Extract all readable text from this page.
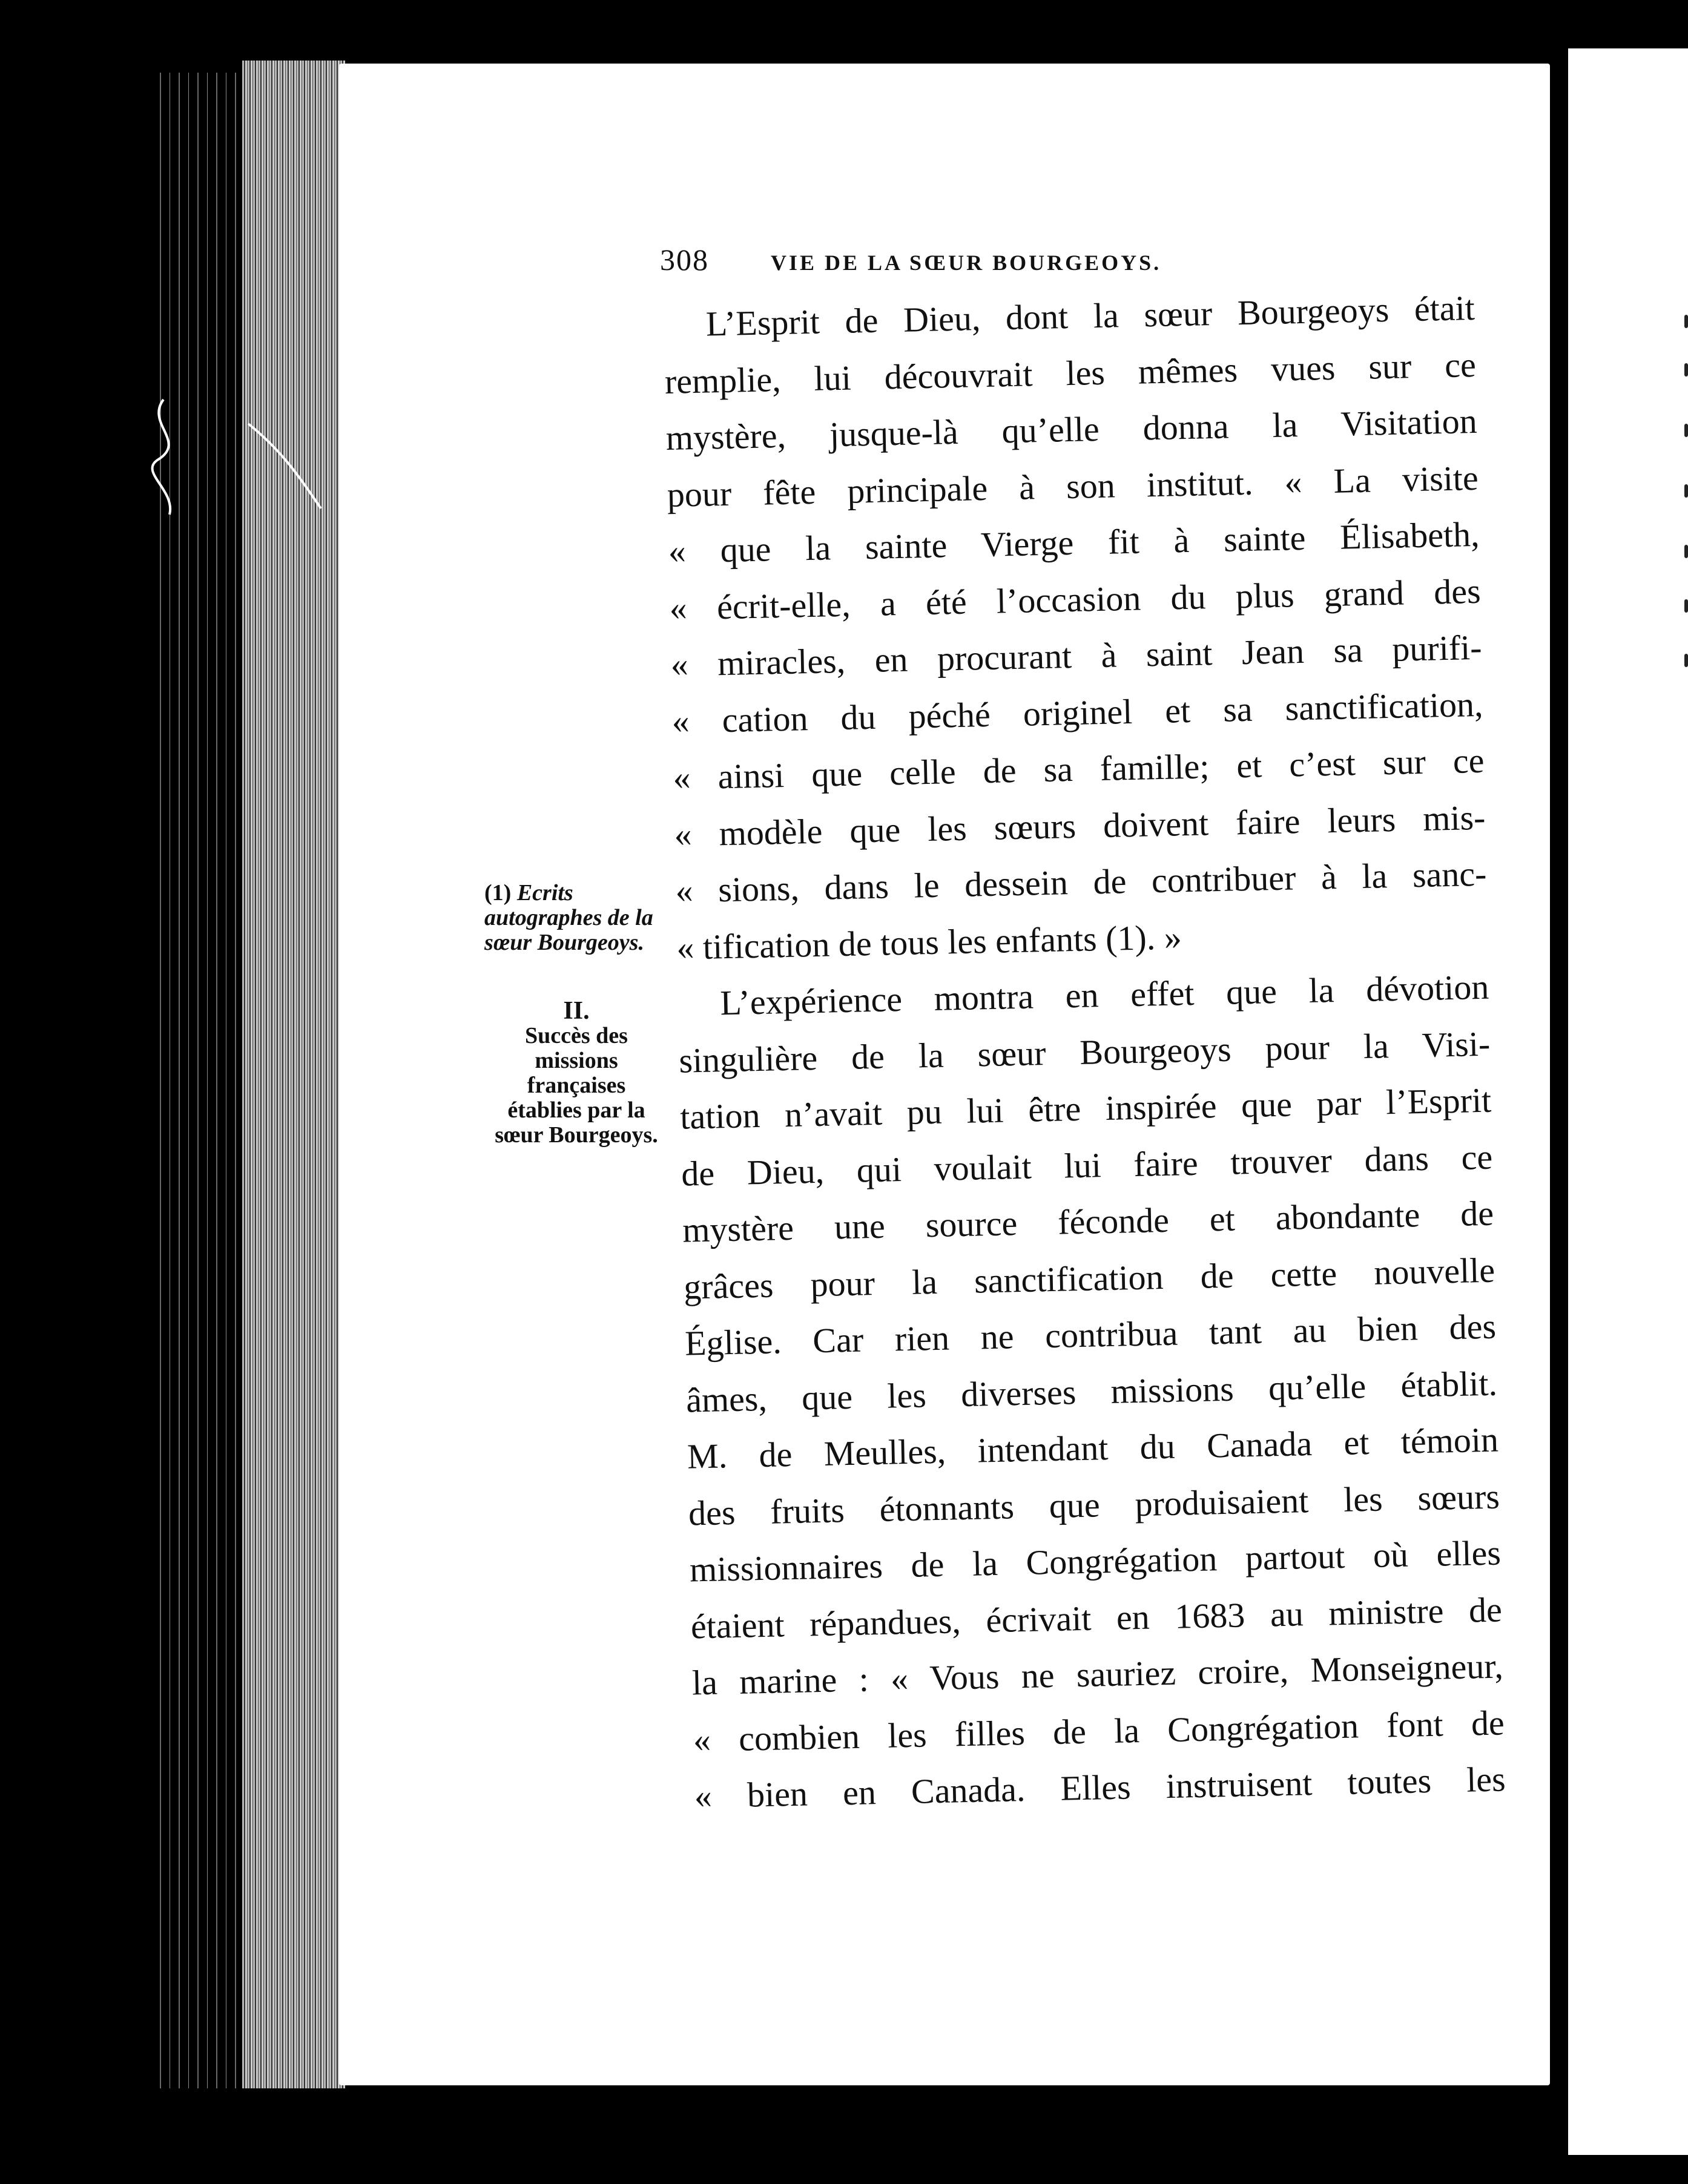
308	VIE DE LA SŒUR BOURGEOYS.

L’Esprit de Dieu, dont la sœur Bourgeoys était
remplie, lui découvrait les mêmes vues sur ce
mystère, jusque-là qu’elle donna la Visitation
pour fête principale à son institut. « La visite
« que la sainte Vierge fit à sainte Élisabeth,
« écrit-elle, a été l’occasion du plus grand des
« miracles, en procurant à saint Jean sa purifi-
« cation du péché originel et sa sanctification,
« ainsi que celle de sa famille; et c’est sur ce
« modèle que les sœurs doivent faire leurs mis-
« sions, dans le dessein de contribuer à la sanc-
« tification de tous les enfants (1). »

L’expérience montra en effet que la dévotion
singulière de la sœur Bourgeoys pour la Visi-
tation n’avait pu lui être inspirée que par l’Esprit
de Dieu, qui voulait lui faire trouver dans ce
mystère une source féconde et abondante de
grâces pour la sanctification de cette nouvelle
Église. Car rien ne contribua tant au bien des
âmes, que les diverses missions qu’elle établit.
M. de Meulles, intendant du Canada et témoin
des fruits étonnants que produisaient les sœurs
missionnaires de la Congrégation partout où elles
étaient répandues, écrivait en 1683 au ministre de
la marine : « Vous ne sauriez croire, Monseigneur,
« combien les filles de la Congrégation font de
« bien en Canada. Elles instruisent toutes les

(1) Ecrits autographes de la sœur Bourgeoys.
II.
Succès des missions françaises établies par la sœur Bourgeoys.
